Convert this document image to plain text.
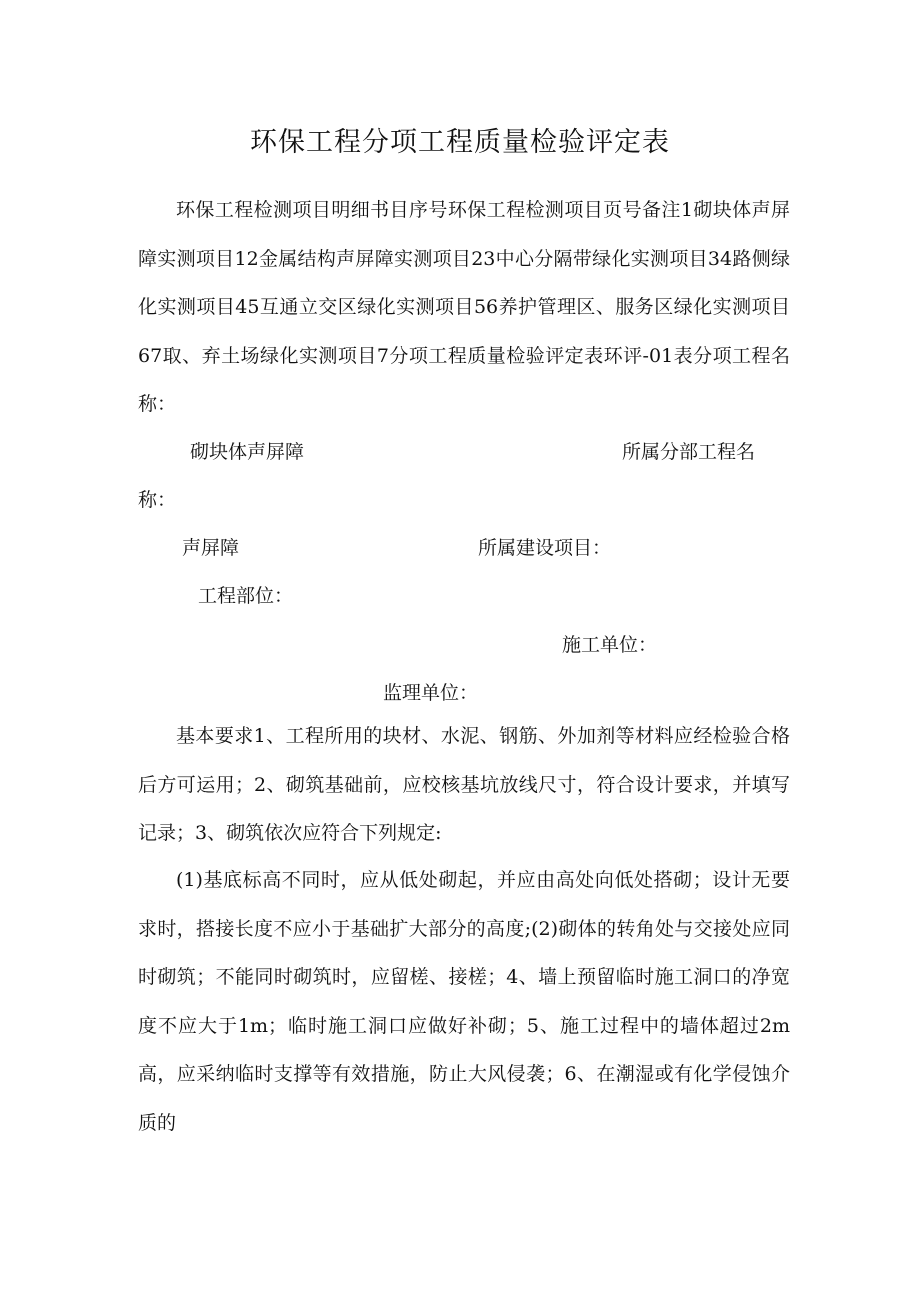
环保工程分项工程质量检验评定表

环保工程检测项目明细书目序号环保工程检测项目页号备注1砌块体声屏障实测项目12金属结构声屏障实测项目23中心分隔带绿化实测项目34路侧绿化实测项目45互通立交区绿化实测项目56养护管理区、服务区绿化实测项目67取、弃土场绿化实测项目7分项工程质量检验评定表环评-01表分项工程名称：

砌块体声屏障	所属分部工程名
称：
声屏障	所属建设项目：
工程部位：
施工单位：
监理单位：

基本要求1、工程所用的块材、水泥、钢筋、外加剂等材料应经检验合格后方可运用；2、砌筑基础前，应校核基坑放线尺寸，符合设计要求，并填写记录；3、砌筑依次应符合下列规定:

(1)基底标高不同时，应从低处砌起，并应由高处向低处搭砌；设计无要求时，搭接长度不应小于基础扩大部分的高度;(2)砌体的转角处与交接处应同时砌筑；不能同时砌筑时，应留槎、接槎；4、墙上预留临时施工洞口的净宽度不应大于1m；临时施工洞口应做好补砌；5、施工过程中的墙体超过2m高，应采纳临时支撑等有效措施，防止大风侵袭；6、在潮湿或有化学侵蚀介质的
